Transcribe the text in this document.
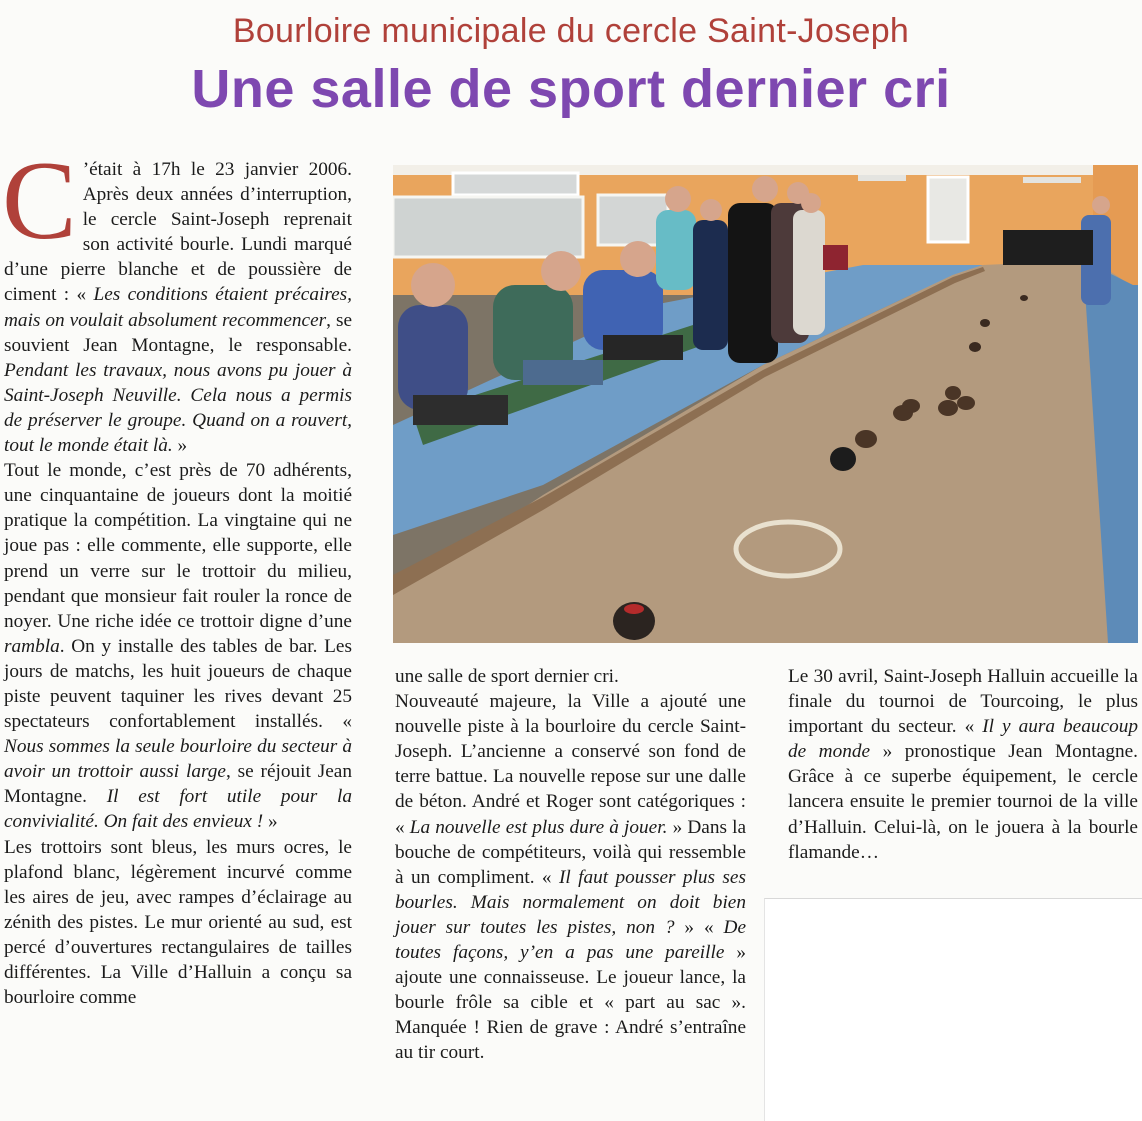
Bourloire municipale du cercle Saint-Joseph
Une salle de sport dernier cri
C ’était à 17h le 23 janvier 2006. Après deux années d’interruption, le cercle Saint-Joseph reprenait son activité bourle. Lundi marqué d’une pierre blanche et de poussière de ciment : « Les conditions étaient précaires, mais on voulait absolument recommencer, se souvient Jean Montagne, le responsable. Pendant les travaux, nous avons pu jouer à Saint-Joseph Neuville. Cela nous a permis de préserver le groupe. Quand on a rouvert, tout le monde était là. »

Tout le monde, c’est près de 70 adhérents, une cinquantaine de joueurs dont la moitié pratique la compétition. La vingtaine qui ne joue pas : elle commente, elle supporte, elle prend un verre sur le trottoir du milieu, pendant que monsieur fait rouler la ronce de noyer. Une riche idée ce trottoir digne d’une rambla. On y installe des tables de bar. Les jours de matchs, les huit joueurs de chaque piste peuvent taquiner les rives devant 25 spectateurs confortablement installés. « Nous sommes la seule bourloire du secteur à avoir un trottoir aussi large, se réjouit Jean Montagne. Il est fort utile pour la convivialité. On fait des envieux ! »

Les trottoirs sont bleus, les murs ocres, le plafond blanc, légèrement incurvé comme les aires de jeu, avec rampes d’éclairage au zénith des pistes. Le mur orienté au sud, est percé d’ouvertures rectangulaires de tailles différentes. La Ville d’Halluin a conçu sa bourloire comme

une salle de sport dernier cri.

Nouveauté majeure, la Ville a ajouté une nouvelle piste à la bourloire du cercle Saint-Joseph. L’ancienne a conservé son fond de terre battue. La nouvelle repose sur une dalle de béton. André et Roger sont catégoriques : « La nouvelle est plus dure à jouer. » Dans la bouche de compétiteurs, voilà qui ressemble à un compliment. « Il faut pousser plus ses bourles. Mais normalement on doit bien jouer sur toutes les pistes, non ? » « De toutes façons, y’en a pas une pareille » ajoute une connaisseuse. Le joueur lance, la bourle frôle sa cible et « part au sac ». Manquée ! Rien de grave : André s’entraîne au tir court.

Le 30 avril, Saint-Joseph Halluin accueille la finale du tournoi de Tourcoing, le plus important du secteur. « Il y aura beaucoup de monde » pronostique Jean Montagne. Grâce à ce superbe équipement, le cercle lancera ensuite le premier tournoi de la ville d’Halluin. Celui-là, on le jouera à la bourle flamande…
